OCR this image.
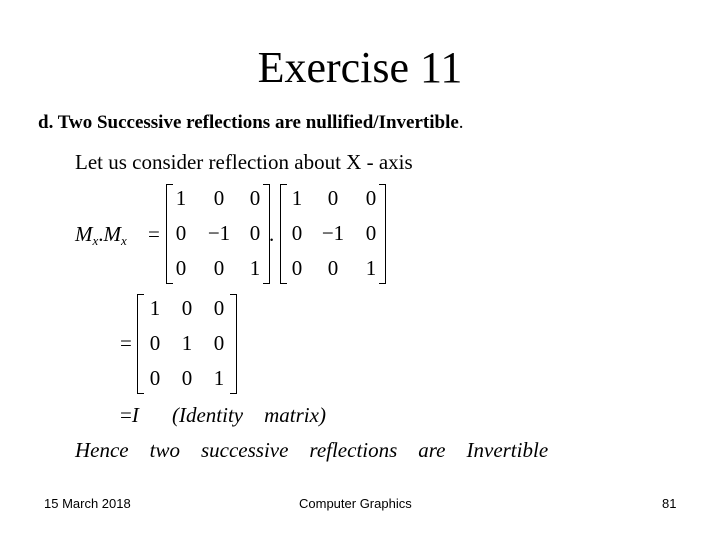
Exercise 11
d. Two Successive reflections are nullified/Invertible.
Let us consider reflection about X - axis
$M_x.M_x$ =
1	0	0
0	−1 0
0	0	1
.
1	0	0
0 −1	0
0	0	1
=
1	0	0
0	1	0
0	0	1
=I (Identity    matrix)
Hence    two    successive    reflections    are    Invertible
15 March 2018	Computer Graphics	81
